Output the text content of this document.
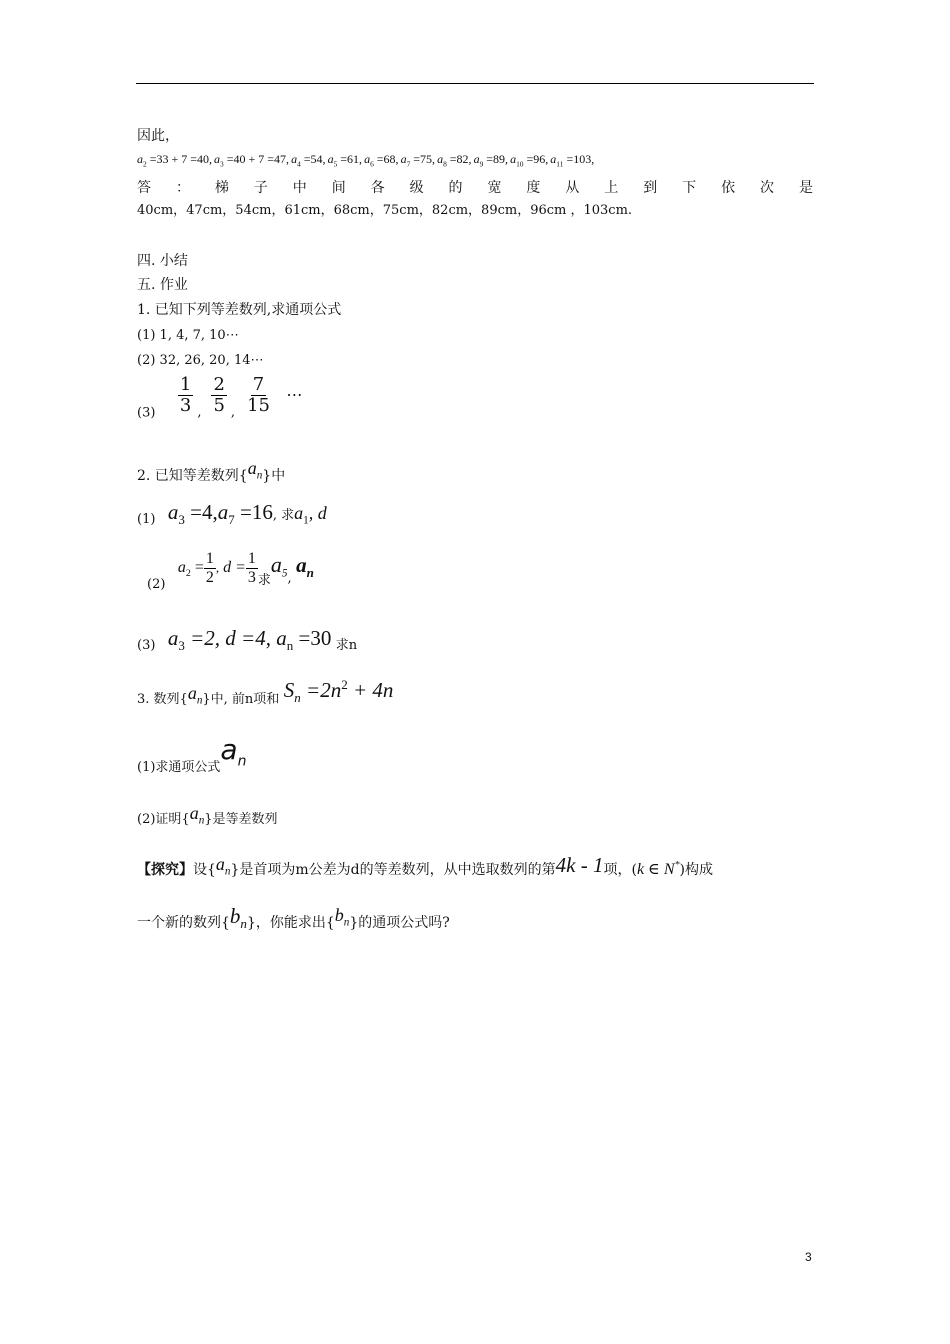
因此，
$a_2 =33 + 7 =40$, $a_3 =40 + 7 =47$, $a_4 =54$, $a_5 =61$, $a_6 =68$, $a_7 =75$, $a_8 =82$, $a_9 =89$, $a_{10} =96$, $a_{11} =103$,
答 ： 梯 子 中 间 各 级 的 宽 度 从 上 到 下 依 次 是
40cm，47cm，54cm，61cm，68cm，75cm，82cm，89cm，96cm ，103cm.
四. 小结
五. 作业
1. 已知下列等差数列,求通项公式
(1) 1, 4, 7, 10⋯
(2) 32, 26, 20, 14⋯
$(3) \frac{1}{3} _, \frac{2}{5} _, \frac{7}{15}$ ⋯
2. 已知等差数列$\{a_n\}$中
(1) $a_3 =4,a_7 =16$, 求$a_1$, d
(2) $a_2 = \frac{1}{2}$ , $d = \frac{1}{3}$ 求$a_5$, $a_n$
(3) $a_3 =2$, d =4, $a_n =30$ 求n
3. 数列$\{a_n\}$中, 前n项和 $S_n =2n^2 + 4n$
(1)求通项公式$a_n$
(2)证明$\{a_n\}$是等差数列
【探究】设$\{a_n\}$是首项为m公差为d的等差数列，从中选取数列的第4k - 1项，(k ∈ N*)构成
一个新的数列$\{b_n\}$，你能求出$\{b_n\}$的通项公式吗?
3
